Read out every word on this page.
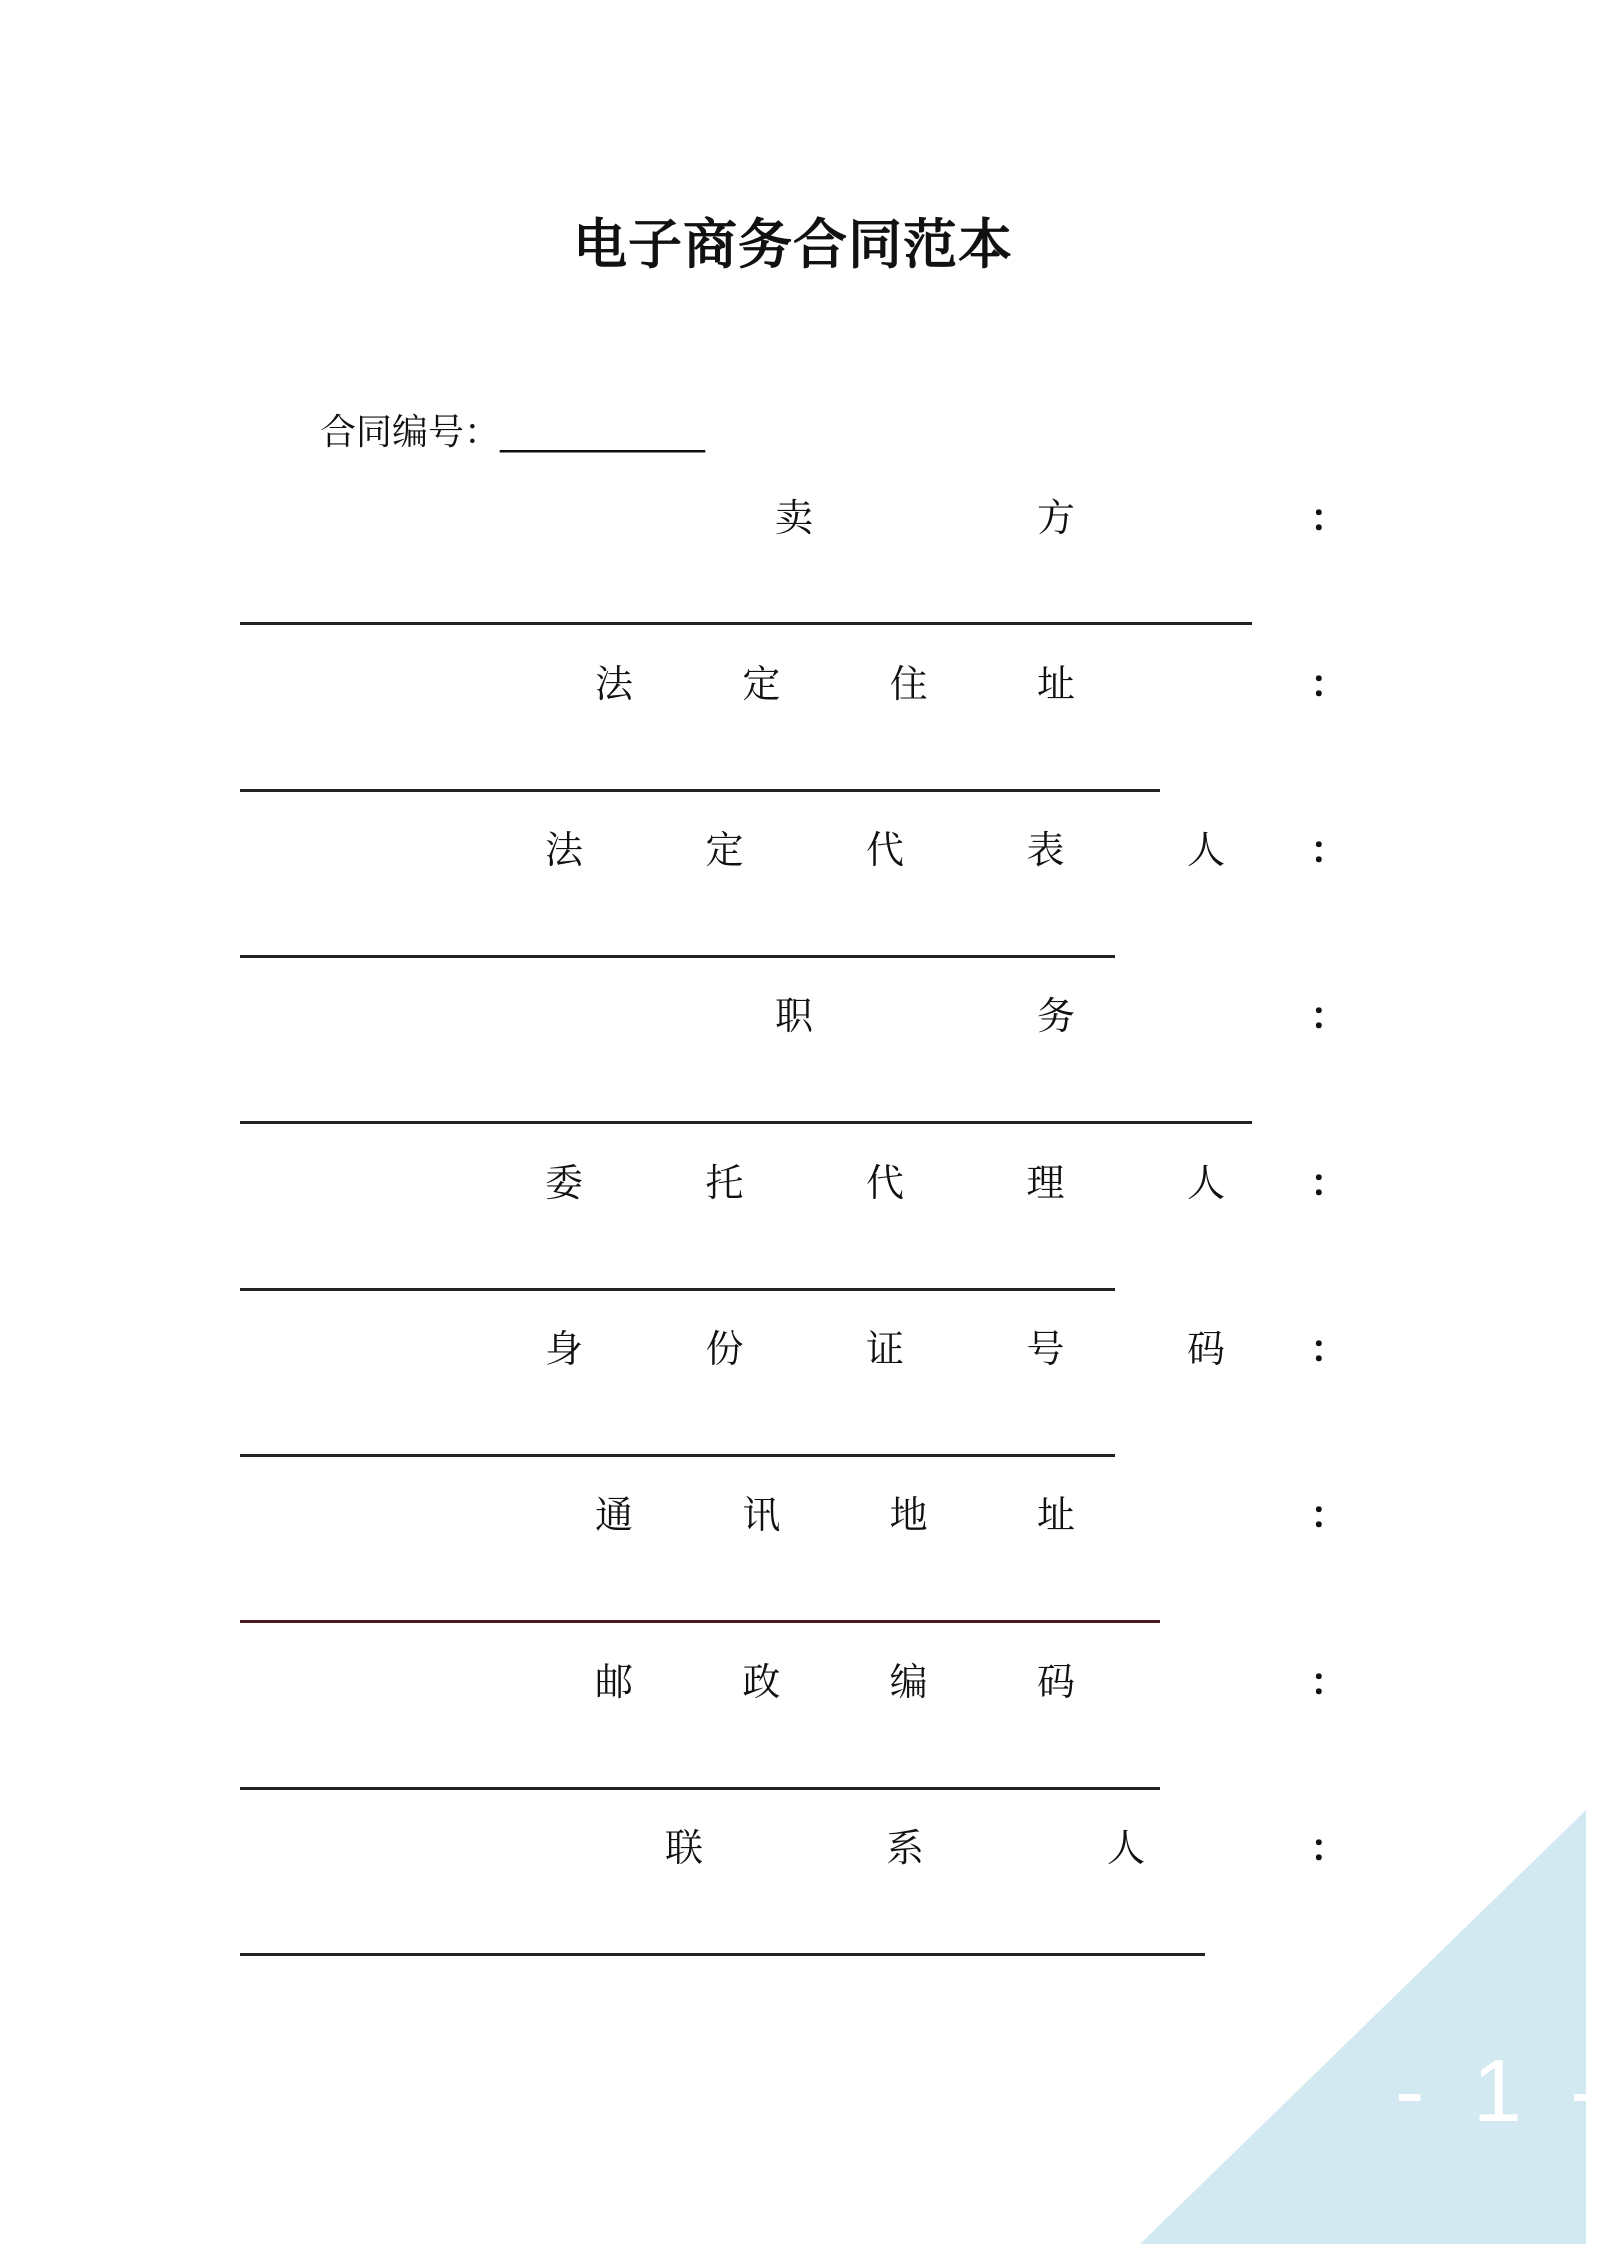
电子商务合同范本
合同编号：____________
卖	方	：
法	定	住	址	：
法	定	代	表	人 ：
职	务	：
委	托	代	理	人 ：
身	份	证	号	码 ：
通	讯	地	址	：
邮	政	编	码	：
联	系	人	：
- 1 -
